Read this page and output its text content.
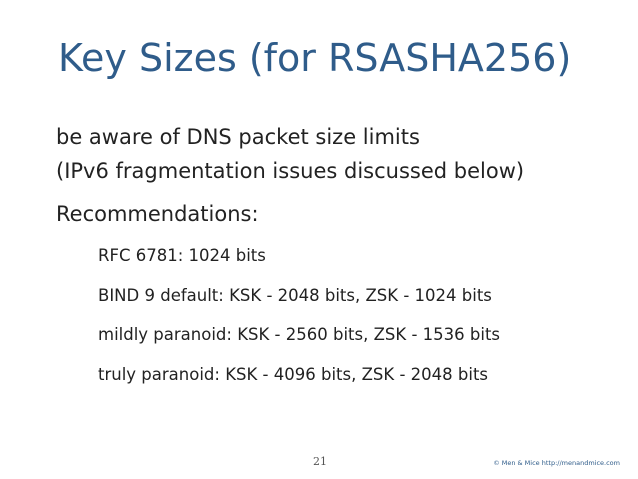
Key Sizes (for RSASHA256)

be aware of DNS packet size limits

(IPv6 fragmentation issues discussed below)

Recommendations:

RFC 6781: 1024 bits

BIND 9 default: KSK - 2048 bits, ZSK - 1024 bits

mildly paranoid: KSK - 2560 bits, ZSK - 1536 bits

truly paranoid: KSK - 4096 bits, ZSK - 2048 bits

21	© Men & Mice http://menandmice.com
